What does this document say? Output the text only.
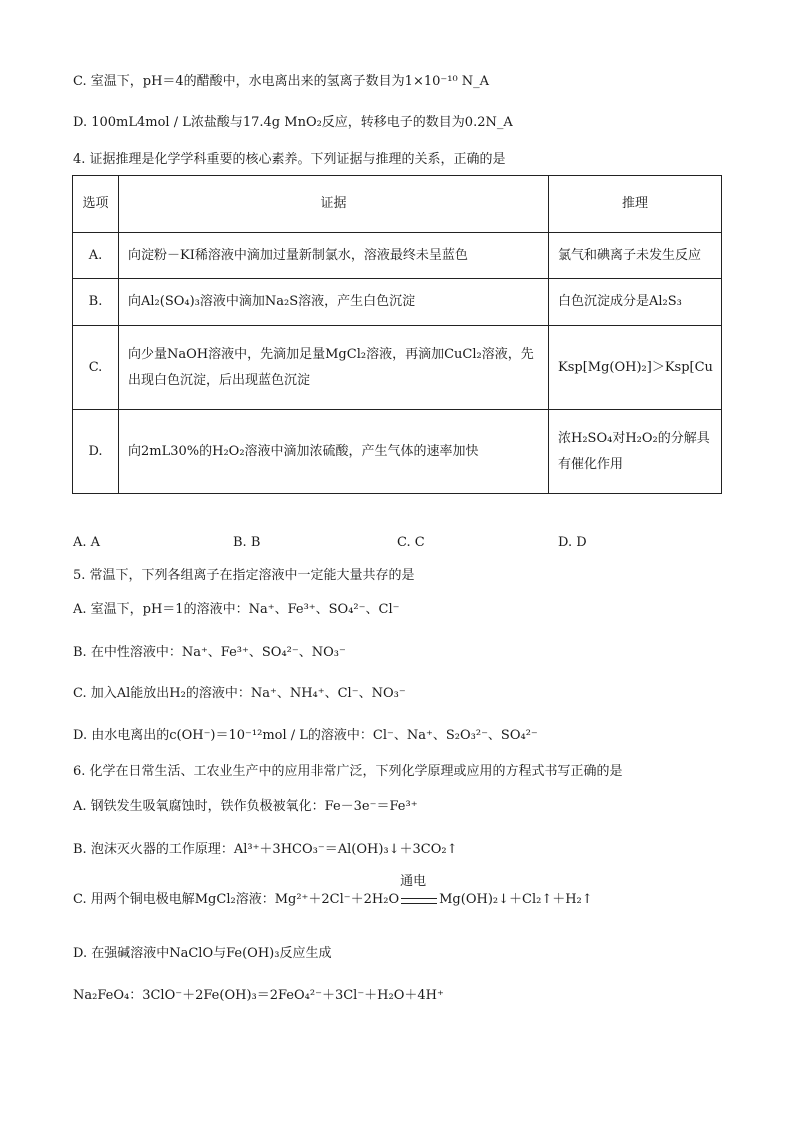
C. 室温下，pH＝4的醋酸中，水电离出来的氢离子数目为1×10⁻¹⁰ N_A
D. 100mL4mol / L浓盐酸与17.4g MnO₂反应，转移电子的数目为0.2N_A
4. 证据推理是化学学科重要的核心素养。下列证据与推理的关系，正确的是
选项	证据	推理
A.	向淀粉－KI稀溶液中滴加过量新制氯水，溶液最终未呈蓝色	氯气和碘离子未发生反应
B.	向Al₂(SO₄)₃溶液中滴加Na₂S溶液，产生白色沉淀	白色沉淀成分是Al₂S₃
C.	向少量NaOH溶液中，先滴加足量MgCl₂溶液，再滴加CuCl₂溶液，先出现白色沉淀，后出现蓝色沉淀	Ksp[Mg(OH)₂]＞Ksp[Cu
D.	向2mL30%的H₂O₂溶液中滴加浓硫酸，产生气体的速率加快	浓H₂SO₄对H₂O₂的分解具有催化作用
A. A	B. B	C. C	D. D
5. 常温下，下列各组离子在指定溶液中一定能大量共存的是
A. 室温下，pH＝1的溶液中：Na⁺、Fe³⁺、SO₄²⁻、Cl⁻
B. 在中性溶液中：Na⁺、Fe³⁺、SO₄²⁻、NO₃⁻
C. 加入Al能放出H₂的溶液中：Na⁺、NH₄⁺、Cl⁻、NO₃⁻
D. 由水电离出的c(OH⁻)＝10⁻¹²mol / L的溶液中：Cl⁻、Na⁺、S₂O₃²⁻、SO₄²⁻
6. 化学在日常生活、工农业生产中的应用非常广泛，下列化学原理或应用的方程式书写正确的是
A. 钢铁发生吸氧腐蚀时，铁作负极被氧化：Fe－3e⁻＝Fe³⁺
B. 泡沫灭火器的工作原理：Al³⁺＋3HCO₃⁻＝Al(OH)₃↓＋3CO₂↑
C. 用两个铜电极电解MgCl₂溶液：Mg²⁺＋2Cl⁻＋2H₂O
通电
Mg(OH)₂↓＋Cl₂↑＋H₂↑
D. 在强碱溶液中NaClO与Fe(OH)₃反应生成
Na₂FeO₄：3ClO⁻＋2Fe(OH)₃＝2FeO₄²⁻＋3Cl⁻＋H₂O＋4H⁺
